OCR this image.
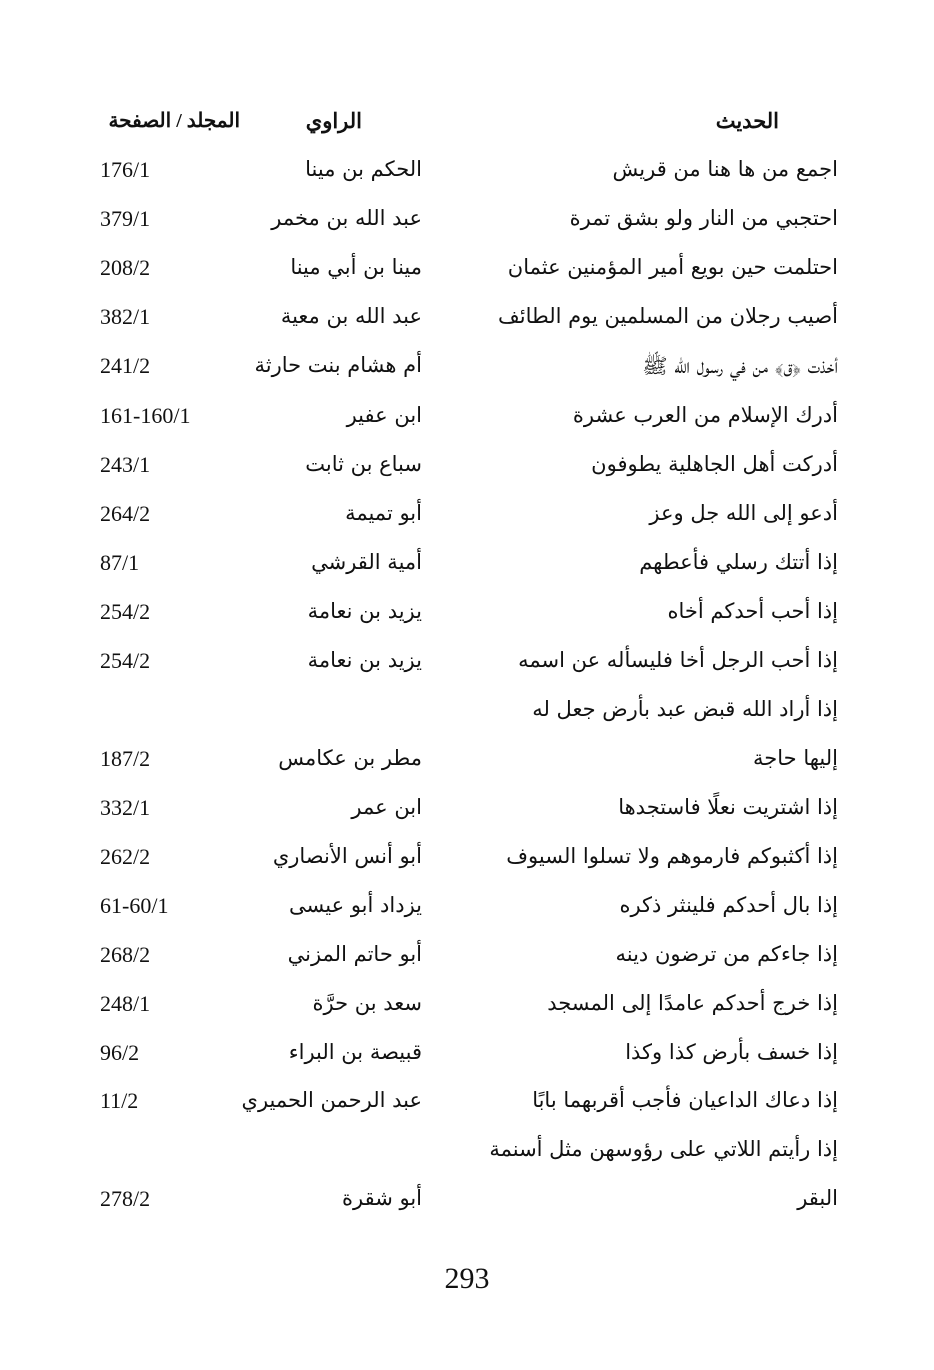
الحديث
الراوي
المجلد / الصفحة
اجمع من ها هنا من قريش
الحكم بن مينا
176/1
احتجبي من النار ولو بشق تمرة
عبد الله بن مخمر
379/1
احتلمت حين بويع أمير المؤمنين عثمان
مينا بن أبي مينا
208/2
أصيب رجلان من المسلمين يوم الطائف
عبد الله بن معية
382/1
أخذت ﴿ق﴾ من في رسول الله ﷺ
أم هشام بنت حارثة
241/2
أدرك الإسلام من العرب عشرة
ابن عفير
161-160/1
أدركت أهل الجاهلية يطوفون
سباع بن ثابت
243/1
أدعو إلى الله جل وعز
أبو تميمة
264/2
إذا أتتك رسلي فأعطهم
أمية القرشي
87/1
إذا أحب أحدكم أخاه
يزيد بن نعامة
254/2
إذا أحب الرجل أخا فليسأله عن اسمه
يزيد بن نعامة
254/2
إذا أراد الله قبض عبد بأرض جعل له
إليها حاجة
مطر بن عكامس
187/2
إذا اشتريت نعلًا فاستجدها
ابن عمر
332/1
إذا أكثبوكم فارموهم ولا تسلوا السيوف
أبو أنس الأنصاري
262/2
إذا بال أحدكم فلينثر ذكره
يزداد أبو عيسى
61-60/1
إذا جاءكم من ترضون دينه
أبو حاتم المزني
268/2
إذا خرج أحدكم عامدًا إلى المسجد
سعد بن حرَّة
248/1
إذا خسف بأرض كذا وكذا
قبيصة بن البراء
96/2
إذا دعاك الداعيان فأجب أقربهما بابًا
عبد الرحمن الحميري
11/2
إذا رأيتم اللاتي على رؤوسهن مثل أسنمة
البقر
أبو شقرة
278/2
293
